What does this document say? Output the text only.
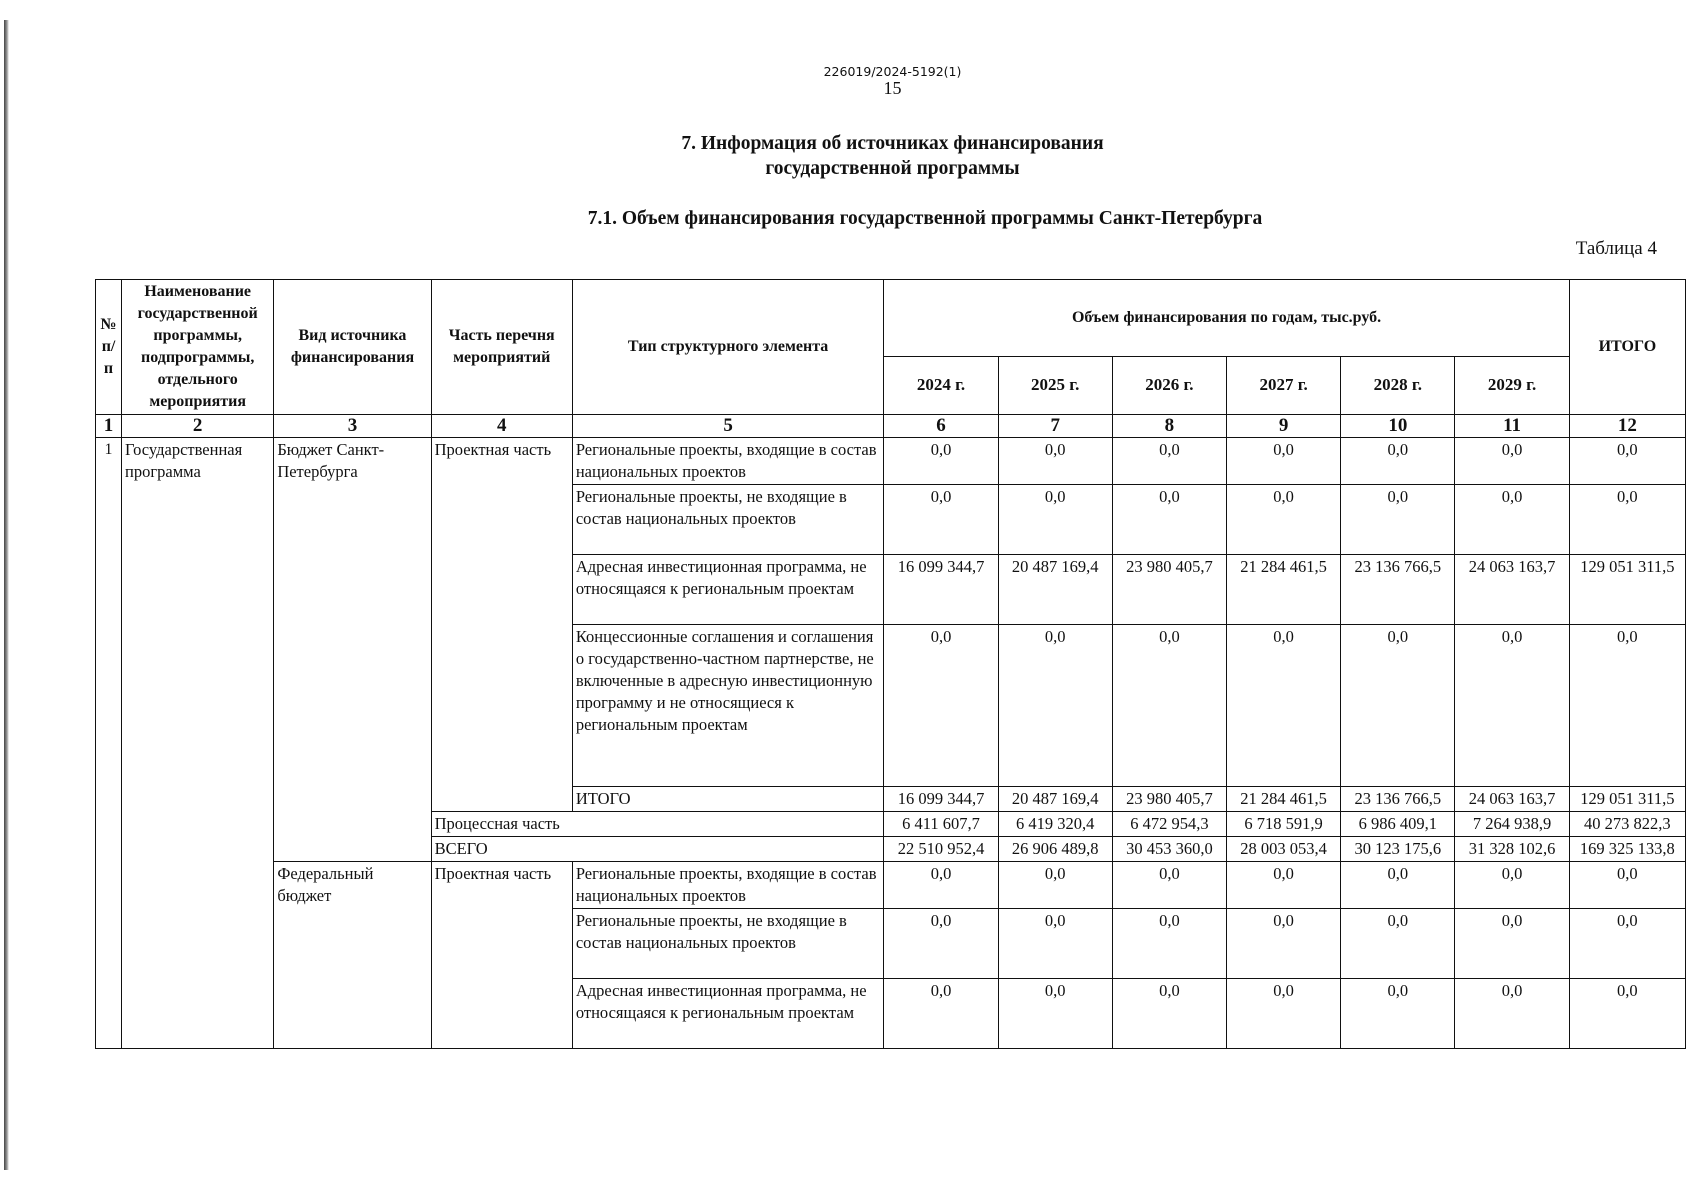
226019/2024-5192(1)
15
7. Информация об источниках финансирования
государственной программы
7.1. Объем финансирования государственной программы Санкт-Петербурга
Таблица 4
№ п/п	Наименование государственной программы, подпрограммы, отдельного мероприятия	Вид источника финансирования	Часть перечня мероприятий	Тип структурного элемента	Объем финансирования по годам, тыс.руб.						ИТОГО
					2024 г.	2025 г.	2026 г.	2027 г.	2028 г.	2029 г.	
1	2	3	4	5	6	7	8	9	10	11	12
1	Государственная программа	Бюджет Санкт-Петербурга	Проектная часть	Региональные проекты, входящие в состав национальных проектов	0,0	0,0	0,0	0,0	0,0	0,0	0,0
				Региональные проекты, не входящие в состав национальных проектов	0,0	0,0	0,0	0,0	0,0	0,0	0,0
				Адресная инвестиционная программа, не относящаяся к региональным проектам	16 099 344,7	20 487 169,4	23 980 405,7	21 284 461,5	23 136 766,5	24 063 163,7	129 051 311,5
				Концессионные соглашения и соглашения о государственно-частном партнерстве, не включенные в адресную инвестиционную программу и не относящиеся к региональным проектам	0,0	0,0	0,0	0,0	0,0	0,0	0,0
				ИТОГО	16 099 344,7	20 487 169,4	23 980 405,7	21 284 461,5	23 136 766,5	24 063 163,7	129 051 311,5
			Процессная часть		6 411 607,7	6 419 320,4	6 472 954,3	6 718 591,9	6 986 409,1	7 264 938,9	40 273 822,3
			ВСЕГО		22 510 952,4	26 906 489,8	30 453 360,0	28 003 053,4	30 123 175,6	31 328 102,6	169 325 133,8
		Федеральный бюджет	Проектная часть	Региональные проекты, входящие в состав национальных проектов	0,0	0,0	0,0	0,0	0,0	0,0	0,0
				Региональные проекты, не входящие в состав национальных проектов	0,0	0,0	0,0	0,0	0,0	0,0	0,0
				Адресная инвестиционная программа, не относящаяся к региональным проектам	0,0	0,0	0,0	0,0	0,0	0,0	0,0
